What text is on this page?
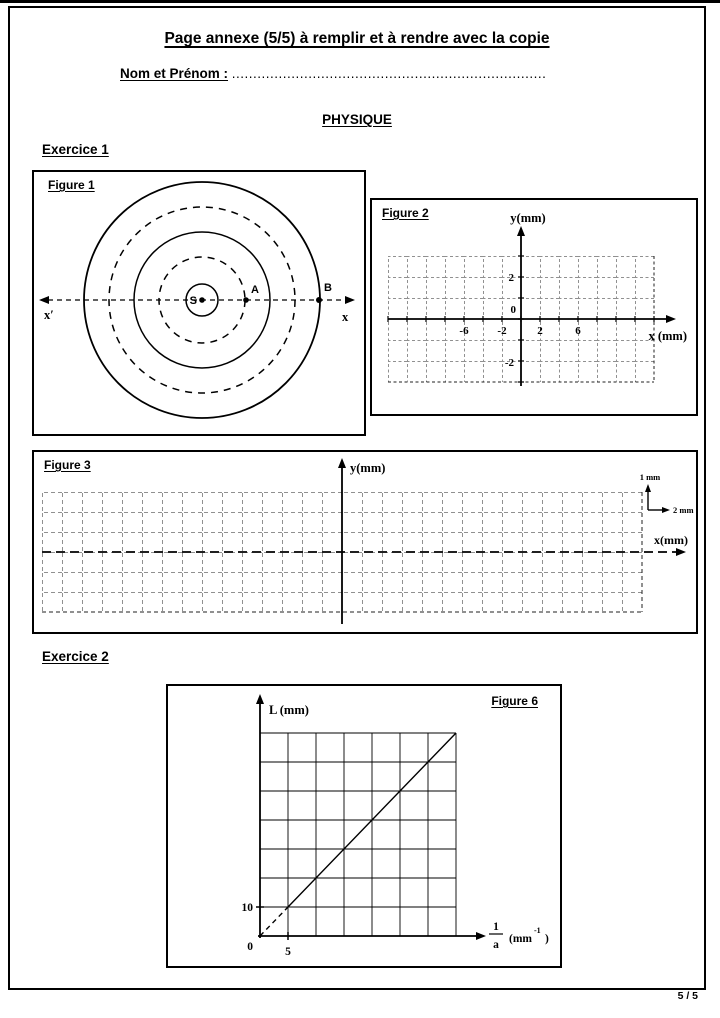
Page annexe (5/5) à remplir et à rendre avec la copie
Nom et Prénom : ..........................................................................
PHYSIQUE
Exercice 1
Figure 1
S
A	B
x′	x
Figure 2	y(mm)
x (mm)
-6	-2
0
2	6
2
-2
Figure 3	y(mm)
x(mm)
1 mm
2 mm
Exercice 2
Figure 6
L (mm)
10
0	5
1
a (mm
-1
)
5 / 5
